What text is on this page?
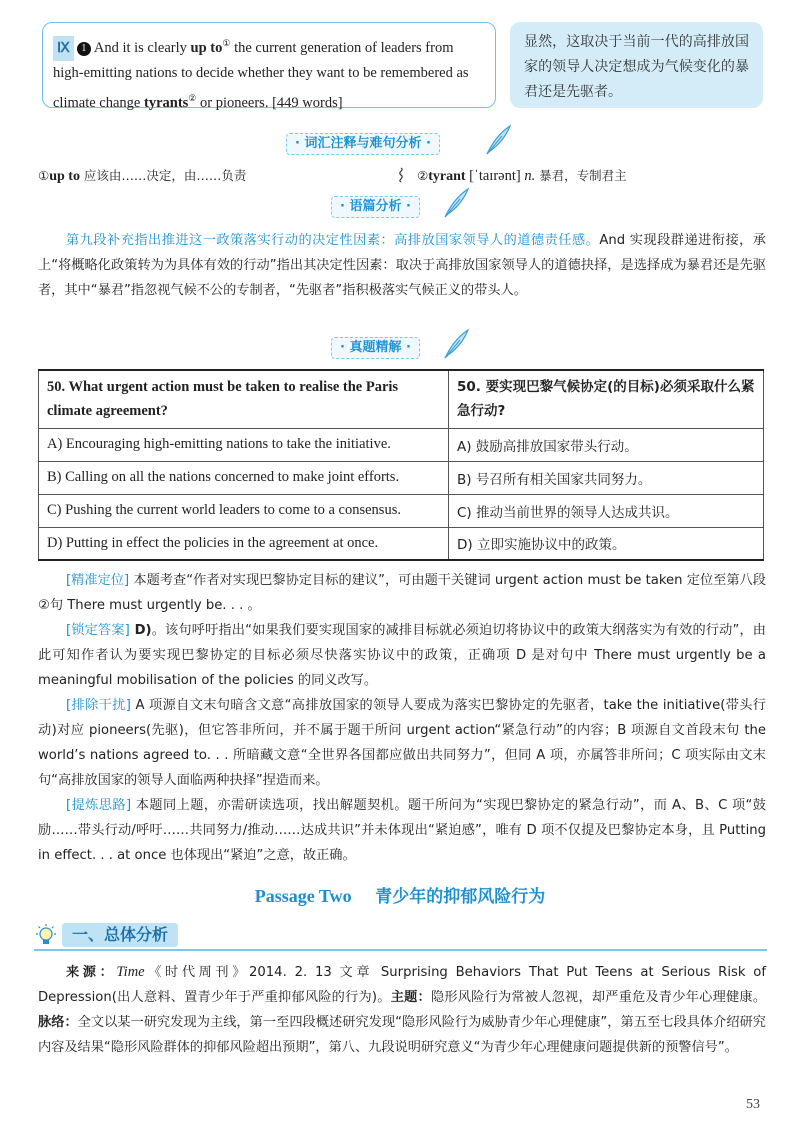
Ⅸ 1 And it is clearly up to① the current generation of leaders from high-emitting nations to decide whether they want to be remembered as climate change tyrants② or pioneers. [449 words]
显然，这取决于当前一代的高排放国家的领导人决定想成为气候变化的暴君还是先驱者。
· 词汇注释与难句分析 ·
①up to 应该由……决定，由……负责	②tyrant [ˈtaɪrənt] n. 暴君，专制君主
· 语篇分析 ·
第九段补充指出推进这一政策落实行动的决定性因素：高排放国家领导人的道德责任感。And 实现段群递进衔接，承上“将概略化政策转为为具体有效的行动”指出其决定性因素：取决于高排放国家领导人的道德抉择，是选择成为暴君还是先驱者，其中“暴君”指忽视气候不公的专制者，“先驱者”指积极落实气候正义的带头人。
· 真题精解 ·
50. What urgent action must be taken to realise the Paris climate agreement?	50. 要实现巴黎气候协定(的目标)必须采取什么紧急行动?
A) Encouraging high-emitting nations to take the initiative.	A) 鼓励高排放国家带头行动。
B) Calling on all the nations concerned to make joint efforts.	B) 号召所有相关国家共同努力。
C) Pushing the current world leaders to come to a consensus.	C) 推动当前世界的领导人达成共识。
D) Putting in effect the policies in the agreement at once.	D) 立即实施协议中的政策。
[精准定位] 本题考查“作者对实现巴黎协定目标的建议”，可由题干关键词 urgent action must be taken 定位至第八段②句 There must urgently be. . . 。
[锁定答案] D)。该句呼吁指出“如果我们要实现国家的减排目标就必须迫切将协议中的政策大纲落实为有效的行动”，由此可知作者认为要实现巴黎协定的目标必须尽快落实协议中的政策，正确项 D 是对句中 There must urgently be a meaningful mobilisation of the policies 的同义改写。
[排除干扰] A 项源自文末句暗含文意“高排放国家的领导人要成为落实巴黎协定的先驱者，take the initiative(带头行动)对应 pioneers(先驱)，但它答非所问，并不属于题干所问 urgent action“紧急行动”的内容；B 项源自文首段末句 the world’s nations agreed to. . . 所暗藏文意“全世界各国都应做出共同努力”，但同 A 项，亦属答非所问；C 项实际由文末句“高排放国家的领导人面临两种抉择”捏造而来。
[提炼思路] 本题同上题，亦需研读选项，找出解题契机。题干所问为“实现巴黎协定的紧急行动”，而 A、B、C 项“鼓励……带头行动/呼吁……共同努力/推动……达成共识”并未体现出“紧迫感”，唯有 D 项不仅提及巴黎协定本身，且 Putting in effect. . . at once 也体现出“紧迫”之意，故正确。
Passage Two 青少年的抑郁风险行为
一、总体分析
来源：Time《时代周刊》2014. 2. 13 文章 Surprising Behaviors That Put Teens at Serious Risk of Depression(出人意料、置青少年于严重抑郁风险的行为)。主题：隐形风险行为常被人忽视，却严重危及青少年心理健康。脉络：全文以某一研究发现为主线，第一至四段概述研究发现“隐形风险行为威胁青少年心理健康”，第五至七段具体介绍研究内容及结果“隐形风险群体的抑郁风险超出预期”，第八、九段说明研究意义“为青少年心理健康问题提供新的预警信号”。
53
